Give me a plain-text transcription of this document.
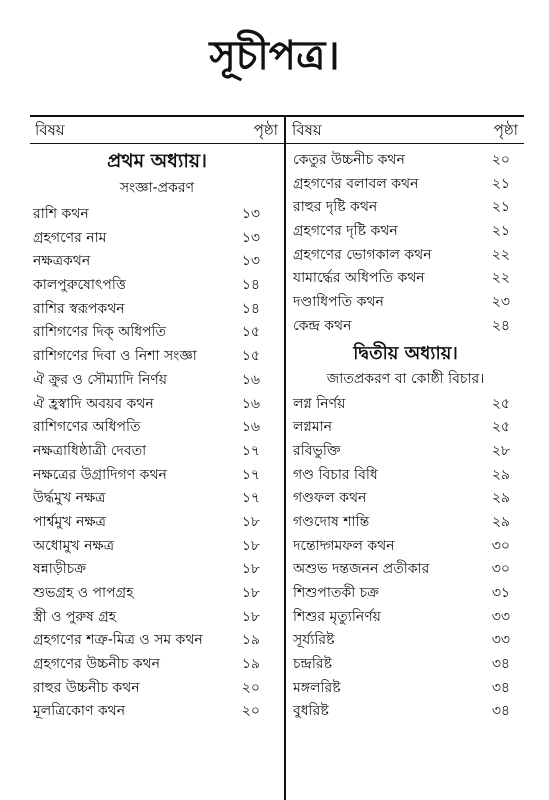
সূচীপত্র।
বিষয়	পৃষ্ঠা
প্রথম অধ্যায়।
সংজ্ঞা-প্রকরণ
রাশি কথন	১৩
গ্রহগণের নাম	১৩
নক্ষত্রকথন	১৩
কালপুরুষোৎপত্তি	১৪
রাশির স্বরূপকথন	১৪
রাশিগণের দিক্ অধিপতি	১৫
রাশিগণের দিবা ও নিশা সংজ্ঞা	১৫
ঐ ক্রুর ও সৌম্যাদি নির্ণয়	১৬
ঐ হ্রস্বাদি অবয়ব কথন	১৬
রাশিগণের অধিপতি	১৬
নক্ষত্রাধিষ্ঠাত্রী দেবতা	১৭
নক্ষত্রের উগ্রাদিগণ কথন	১৭
উর্দ্ধমুখ নক্ষত্র	১৭
পার্শ্বমুখ নক্ষত্র	১৮
অধোমুখ নক্ষত্র	১৮
ষন্নাড়ীচক্র	১৮
শুভগ্রহ ও পাপগ্রহ	১৮
স্ত্রী ও পুরুষ গ্রহ	১৮
গ্রহগণের শত্রু-মিত্র ও সম কথন	১৯
গ্রহগণের উচ্চনীচ কথন	১৯
রাহুর উচ্চনীচ কথন	২০
মূলত্রিকোণ কথন	২০
বিষয়	পৃষ্ঠা
কেতুর উচ্চনীচ কথন	২০
গ্রহগণের বলাবল কথন	২১
রাহুর দৃষ্টি কথন	২১
গ্রহগণের দৃষ্টি কথন	২১
গ্রহগণের ভোগকাল কথন	২২
যামার্দ্ধের অধিপতি কথন	২২
দণ্ডাধিপতি কথন	২৩
কেন্দ্র কথন	২৪
দ্বিতীয় অধ্যায়।
জাতপ্রকরণ বা কোষ্ঠী বিচার।
লগ্ন নির্ণয়	২৫
লগ্নমান	২৫
রবিভুক্তি	২৮
গণ্ড বিচার বিধি	২৯
গণ্ডফল কথন	২৯
গণ্ডদোষ শান্তি	২৯
দন্তোদ্গমফল কথন	৩০
অশুভ দন্তজনন প্রতীকার	৩০
শিশুপাতকী চক্র	৩১
শিশুর মৃত্যুনির্ণয়	৩৩
সূর্য্যরিষ্ট	৩৩
চন্দ্ররিষ্ট	৩৪
মঙ্গলরিষ্ট	৩৪
বুধরিষ্ট	৩৪
